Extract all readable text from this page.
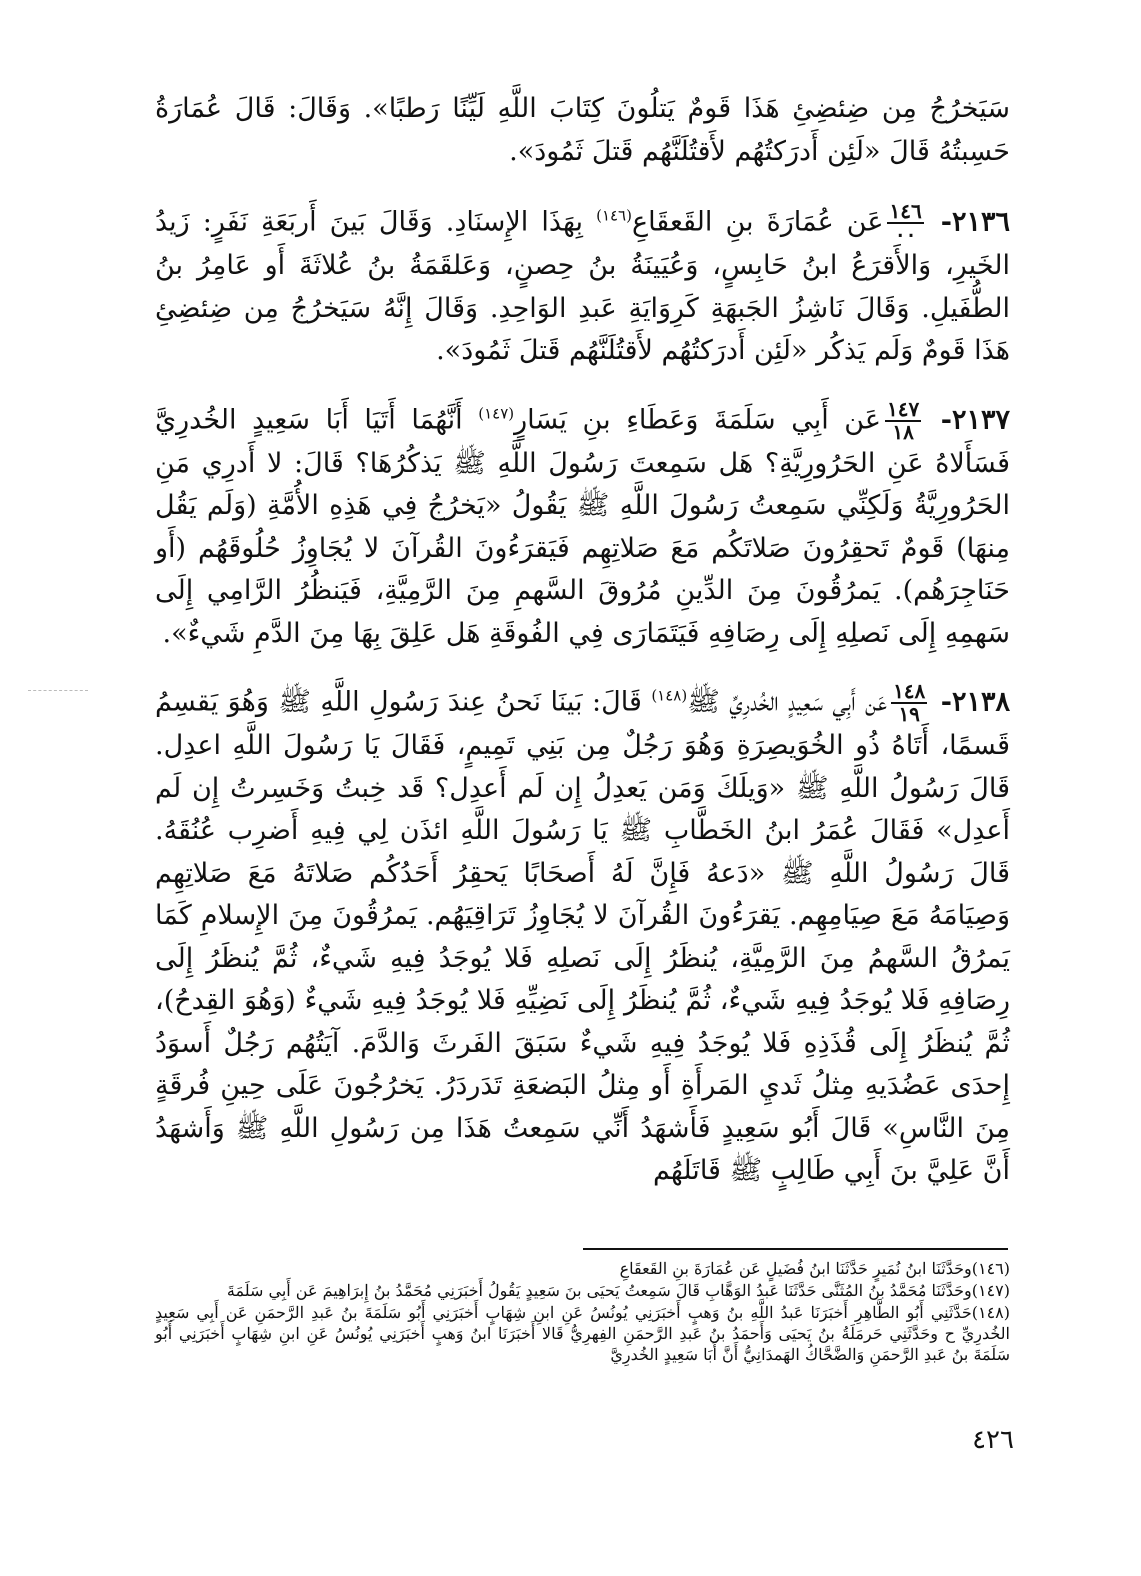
سَيَخرُجُ مِن ضِئضِئِ هَذَا قَومٌ يَتلُونَ كِتَابَ اللَّهِ لَيِّنًا رَطبًا». وَقَالَ: قَالَ عُمَارَةُ حَسِبتُهُ قَالَ «لَئِن أَدرَكتُهُم لأَقتُلَنَّهُم قَتلَ ثَمُودَ».

٢١٣٦-
$\frac{١٤٦}{٠٠}$
عَن عُمَارَةَ بنِ القَعقَاعِ$^{(١٤٦)}$ بِهَذَا الإِسنَادِ. وَقَالَ بَينَ أَربَعَةِ نَفَرٍ: زَيدُ الخَيرِ، وَالأَقرَعُ ابنُ حَابِسٍ، وَعُيَينَةُ بنُ حِصنٍ، وَعَلقَمَةُ بنُ عُلاثَةَ أَو عَامِرُ بنُ الطُّفَيلِ. وَقَالَ نَاشِزُ الجَبهَةِ كَرِوَايَةِ عَبدِ الوَاحِدِ. وَقَالَ إِنَّهُ سَيَخرُجُ مِن ضِئضِئِ هَذَا قَومٌ وَلَم يَذكُر «لَئِن أَدرَكتُهُم لأَقتُلَنَّهُم قَتلَ ثَمُودَ».

٢١٣٧-
$\frac{١٤٧}{١٨}$
عَن أَبِي سَلَمَةَ وَعَطَاءِ بنِ يَسَارٍ$^{(١٤٧)}$ أَنَّهُمَا أَتَيَا أَبَا سَعِيدٍ الخُدرِيَّ فَسَأَلاهُ عَنِ الحَرُورِيَّةِ؟ هَل سَمِعتَ رَسُولَ اللَّهِ ﷺ يَذكُرُهَا؟ قَالَ: لا أَدرِي مَنِ الحَرُورِيَّةُ وَلَكِنِّي سَمِعتُ رَسُولَ اللَّهِ ﷺ يَقُولُ «يَخرُجُ فِي هَذِهِ الأُمَّةِ (وَلَم يَقُل مِنهَا) قَومٌ تَحقِرُونَ صَلاتَكُم مَعَ صَلاتِهِم فَيَقرَءُونَ القُرآنَ لا يُجَاوِزُ حُلُوقَهُم (أَو حَنَاجِرَهُم). يَمرُقُونَ مِنَ الدِّينِ مُرُوقَ السَّهمِ مِنَ الرَّمِيَّةِ، فَيَنظُرُ الرَّامِي إِلَى سَهمِهِ إِلَى نَصلِهِ إِلَى رِصَافِهِ فَيَتَمَارَى فِي الفُوقَةِ هَل عَلِقَ بِهَا مِنَ الدَّمِ شَيءٌ».

٢١٣٨-
$\frac{١٤٨}{١٩}$
عَن أَبِي سَعِيدٍ الخُدرِيِّ ﷺ$^{(١٤٨)}$ قَالَ: بَينَا نَحنُ عِندَ رَسُولِ اللَّهِ ﷺ وَهُوَ يَقسِمُ قَسمًا، أَتَاهُ ذُو الخُوَيصِرَةِ وَهُوَ رَجُلٌ مِن بَنِي تَمِيمٍ، فَقَالَ يَا رَسُولَ اللَّهِ اعدِل. قَالَ رَسُولُ اللَّهِ ﷺ «وَيلَكَ وَمَن يَعدِلُ إِن لَم أَعدِل؟ قَد خِبتُ وَخَسِرتُ إِن لَم أَعدِل» فَقَالَ عُمَرُ ابنُ الخَطَّابِ ﷺ يَا رَسُولَ اللَّهِ ائذَن لِي فِيهِ أَضرِب عُنُقَهُ. قَالَ رَسُولُ اللَّهِ ﷺ «دَعهُ فَإِنَّ لَهُ أَصحَابًا يَحقِرُ أَحَدُكُم صَلاتَهُ مَعَ صَلاتِهِم وَصِيَامَهُ مَعَ صِيَامِهِم. يَقرَءُونَ القُرآنَ لا يُجَاوِزُ تَرَاقِيَهُم. يَمرُقُونَ مِنَ الإِسلامِ كَمَا يَمرُقُ السَّهمُ مِنَ الرَّمِيَّةِ، يُنظَرُ إِلَى نَصلِهِ فَلا يُوجَدُ فِيهِ شَيءٌ، ثُمَّ يُنظَرُ إِلَى رِصَافِهِ فَلا يُوجَدُ فِيهِ شَيءٌ، ثُمَّ يُنظَرُ إِلَى نَضِيِّهِ فَلا يُوجَدُ فِيهِ شَيءٌ (وَهُوَ القِدحُ)، ثُمَّ يُنظَرُ إِلَى قُذَذِهِ فَلا يُوجَدُ فِيهِ شَيءٌ سَبَقَ الفَرثَ وَالدَّمَ. آيَتُهُم رَجُلٌ أَسوَدُ إِحدَى عَضُدَيهِ مِثلُ ثَديِ المَرأَةِ أَو مِثلُ البَضعَةِ تَدَردَرُ. يَخرُجُونَ عَلَى حِينِ فُرقَةٍ مِنَ النَّاسِ» قَالَ أَبُو سَعِيدٍ فَأَشهَدُ أَنِّي سَمِعتُ هَذَا مِن رَسُولِ اللَّهِ ﷺ وَأَشهَدُ أَنَّ عَلِيَّ بنَ أَبِي طَالِبٍ ﷺ قَاتَلَهُم

(١٤٦)وحَدَّثَنَا ابنُ نُمَيرٍ حَدَّثَنَا ابنُ فُضَيلٍ عَن عُمَارَةَ بنِ القَعقَاعِ

(١٤٧)وحَدَّثَنَا مُحَمَّدُ بنُ المُثَنَّى حَدَّثَنَا عَبدُ الوَهَّابِ قَالَ سَمِعتُ يَحيَى بنَ سَعِيدٍ يَقُولُ أَخبَرَنِي مُحَمَّدُ بنُ إِبرَاهِيمَ عَن أَبِي سَلَمَةَ

(١٤٨)حَدَّثَنِي أَبُو الطَّاهِرِ أَخبَرَنَا عَبدُ اللَّهِ بنُ وَهبٍ أَخبَرَنِي يُونُسُ عَنِ ابنِ شِهَابٍ أَخبَرَنِي أَبُو سَلَمَةَ بنُ عَبدِ الرَّحمَنِ عَن أَبِي سَعِيدٍ الخُدرِيِّ ح وحَدَّثَنِي حَرمَلَةُ بنُ يَحيَى وَأَحمَدُ بنُ عَبدِ الرَّحمَنِ الفِهرِيُّ قَالا أَخبَرَنَا ابنُ وَهبٍ أَخبَرَنِي يُونُسُ عَنِ ابنِ شِهَابٍ أَخبَرَنِي أَبُو سَلَمَةَ بنُ عَبدِ الرَّحمَنِ وَالضَّحَّاكُ الهَمدَانِيُّ أَنَّ أَبَا سَعِيدٍ الخُدرِيَّ

٤٢٦
